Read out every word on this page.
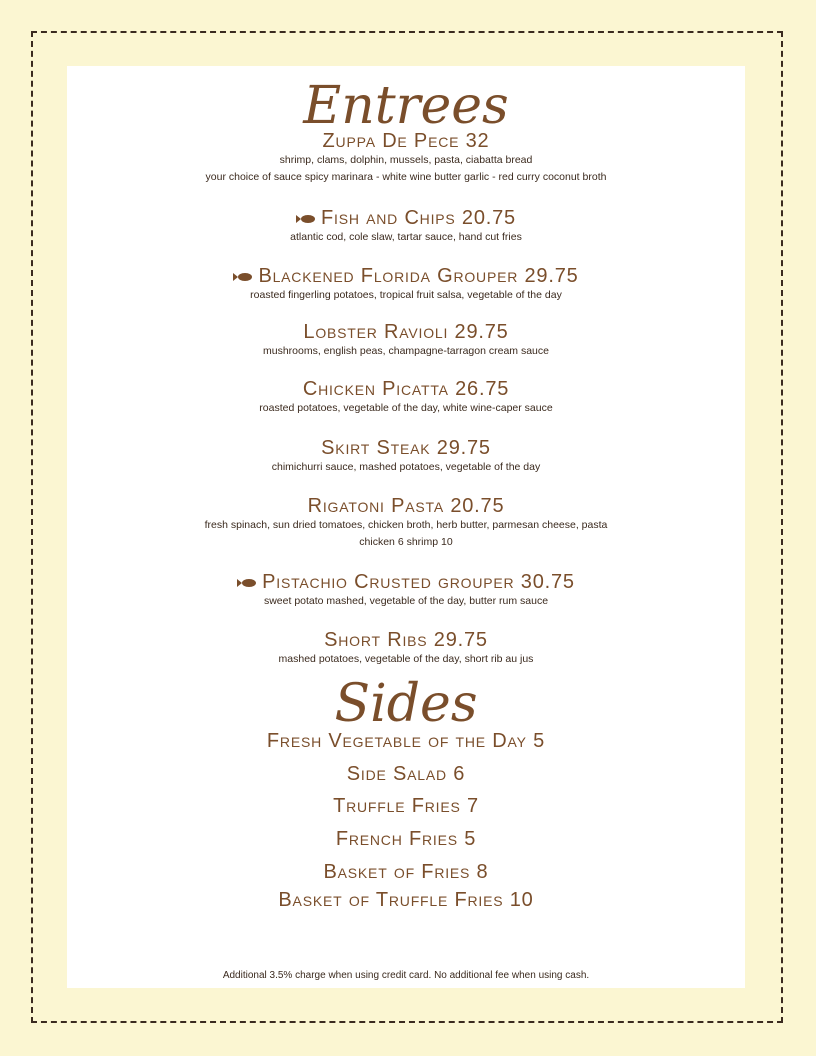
Entrees
Zuppa De Pece 32
shrimp, clams, dolphin, mussels, pasta, ciabatta bread
your choice of sauce spicy marinara - white wine butter garlic - red curry coconut broth
Fish and Chips 20.75
atlantic cod, cole slaw, tartar sauce, hand cut fries
Blackened Florida Grouper 29.75
roasted fingerling potatoes, tropical fruit salsa, vegetable of the day
Lobster Ravioli 29.75
mushrooms, english peas, champagne-tarragon cream sauce
Chicken Picatta 26.75
roasted potatoes, vegetable of the day, white wine-caper sauce
Skirt Steak 29.75
chimichurri sauce, mashed potatoes, vegetable of the day
Rigatoni Pasta 20.75
fresh spinach, sun dried tomatoes, chicken broth, herb butter, parmesan cheese, pasta
chicken 6 shrimp 10
Pistachio Crusted grouper 30.75
sweet potato mashed, vegetable of the day, butter rum sauce
Short Ribs 29.75
mashed potatoes, vegetable of the day, short rib au jus
Sides
Fresh Vegetable of the Day 5
Side Salad 6
Truffle Fries 7
French Fries 5
Basket of Fries 8
Basket of Truffle Fries 10
Additional 3.5% charge when using credit card. No additional fee when using cash.
